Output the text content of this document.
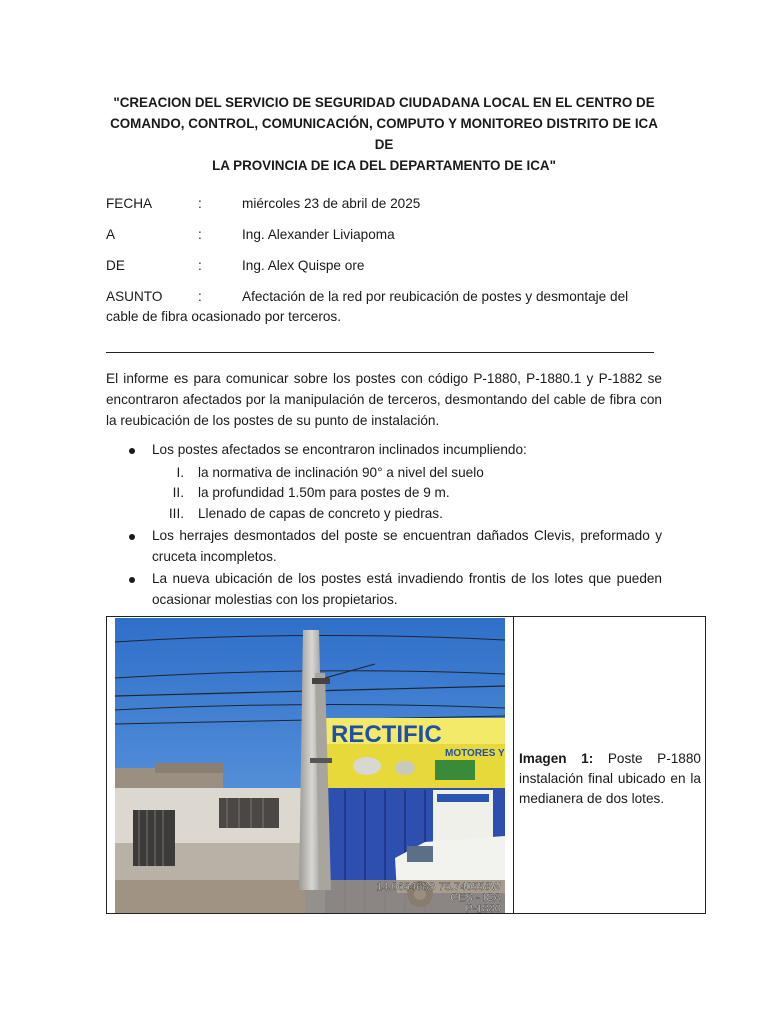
"CREACION DEL SERVICIO DE SEGURIDAD CIUDADANA LOCAL EN EL CENTRO DE
COMANDO, CONTROL, COMUNICACIÓN, COMPUTO Y MONITOREO DISTRITO DE ICA DE
LA PROVINCIA DE ICA DEL DEPARTAMENTO DE ICA"
FECHA	:	miércoles 23 de abril de 2025
A	:	Ing. Alexander Liviapoma
DE	:	Ing. Alex Quispe ore
ASUNTO	:	Afectación de la red por reubicación de postes y desmontaje del
cable de fibra ocasionado por terceros.
El informe es para comunicar sobre los postes con código P-1880, P-1880.1 y P-1882 se encontraron afectados por la manipulación de terceros, desmontando del cable de fibra con la reubicación de los postes de su punto de instalación.
Los postes afectados se encontraron inclinados incumpliendo:
I. la normativa de inclinación 90° a nivel del suelo
II. la profundidad 1.50m para postes de 9 m.
III. Llenado de capas de concreto y piedras.
Los herrajes desmontados del poste se encuentran dañados Clevis, preformado y cruceta incompletos.
La nueva ubicación de los postes está invadiendo frontis de los lotes que pueden ocasionar molestias con los propietarios.
RECTIFIC
MOTORES Y
14.065468S 75.740558W
CES - ICA
P-1880
Imagen 1: Poste P-1880 instalación final ubicado en la medianera de dos lotes.
